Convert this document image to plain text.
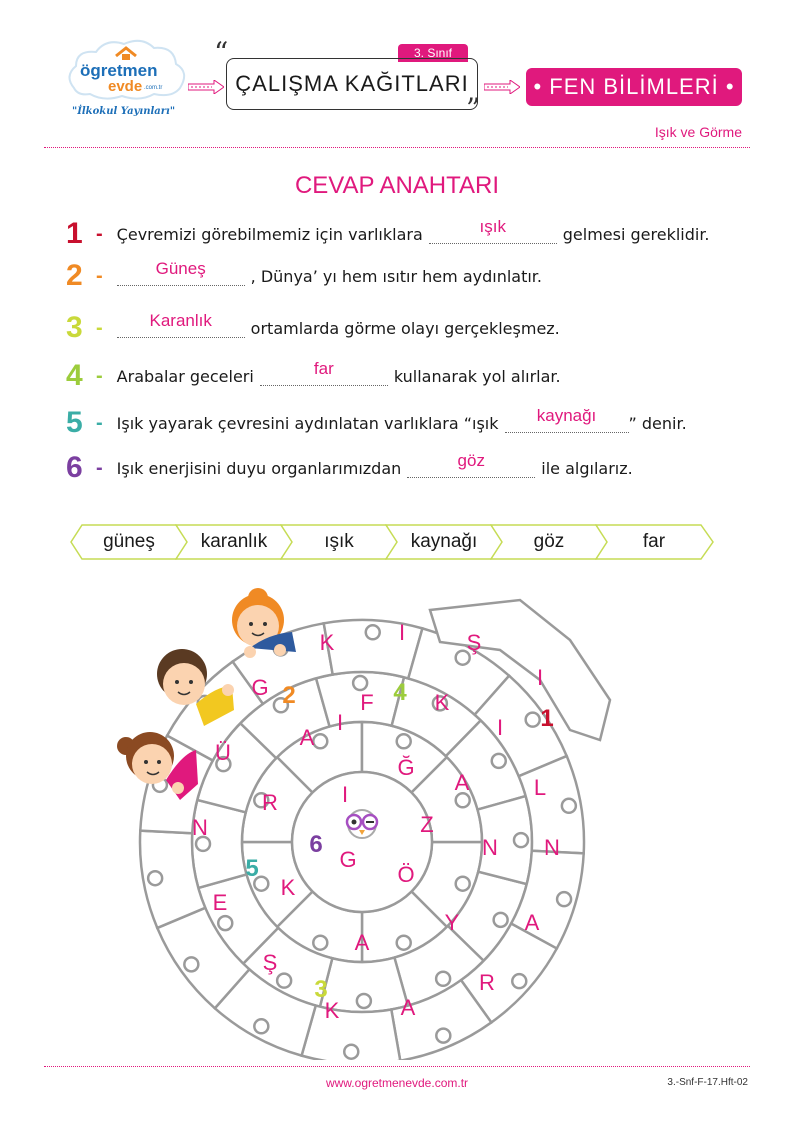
ögretmen
evde .com.tr
"İlkokul Yayınları"
“	3. Sınıf
ÇALIŞMA KAĞITLARI
”
• FEN BİLİMLERİ •
Işık ve Görme
CEVAP ANAHTARI
1 - Çevremizi görebilmemiz için varlıklara	ışık	gelmesi gereklidir.
2 -	Güneş	, Dünya’ yı hem ısıtır hem aydınlatır.
3 -	Karanlık	ortamlarda görme olayı gerçekleşmez.
4 - Arabalar geceleri	far	kullanarak yol alırlar.
5 - Işık yayarak çevresini aydınlatan varlıklara “ışık	kaynağı	” denir.
6 - Işık enerjisini duyu organlarımızdan	göz	ile algılarız.
güneş	karanlık	ışık	kaynağı	göz	far
K	I	Ş
I
G
F	K
I
A
I
Ü
Ğ
A	L
R	I
N	Z
N N
G
Ö
E
K
Y	A
A
Ş
R
K	A
1
2
3
4
5
6
www.ogretmenevde.com.tr	3.-Snf-F-17.Hft-02
